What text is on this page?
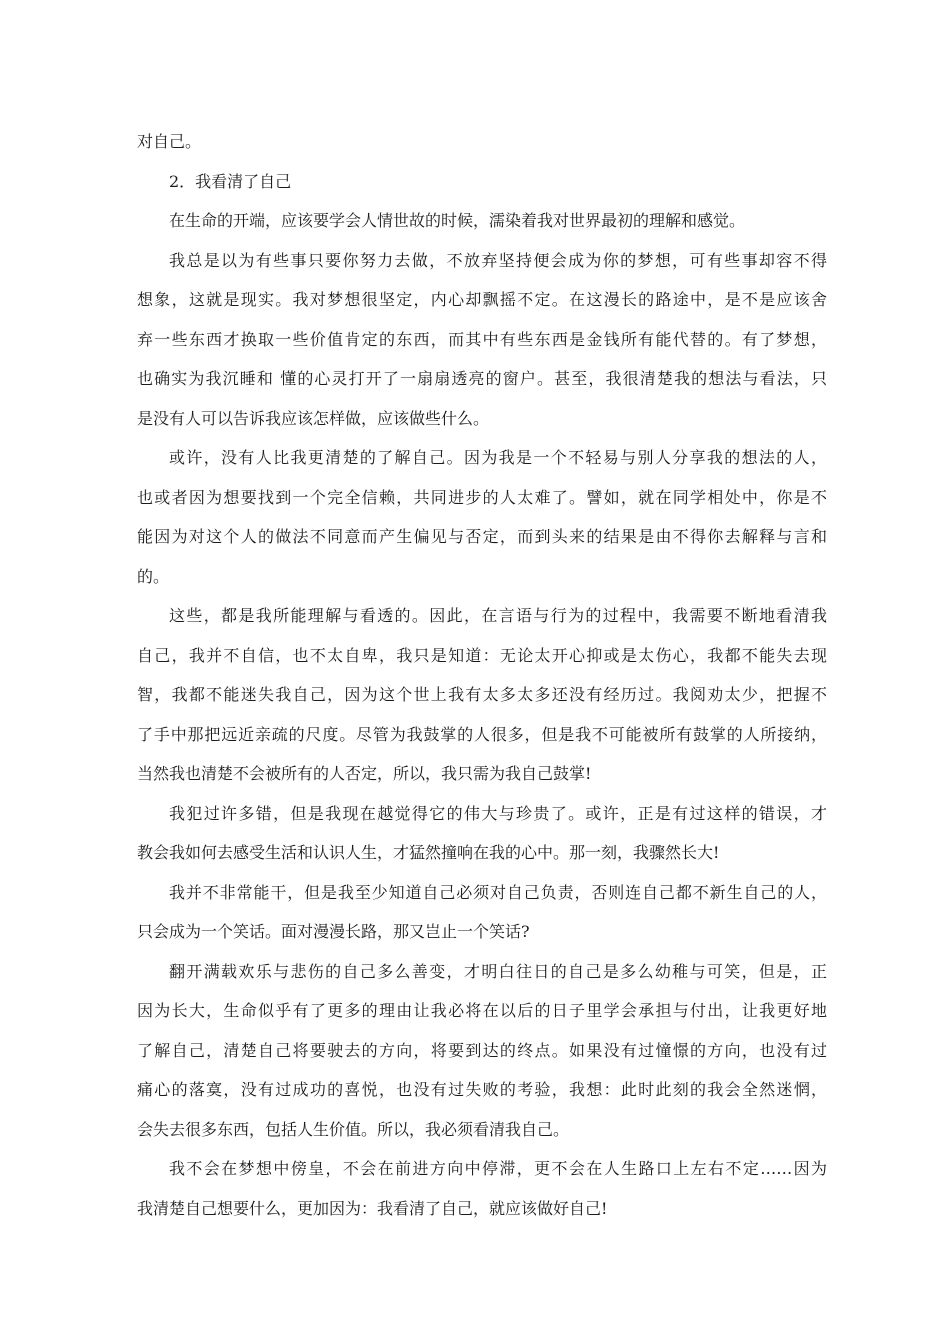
对自己。
2．我看清了自己
在生命的开端，应该要学会人情世故的时候，濡染着我对世界最初的理解和感觉。
我总是以为有些事只要你努力去做，不放弃坚持便会成为你的梦想，可有些事却容不得
想象，这就是现实。我对梦想很坚定，内心却飘摇不定。在这漫长的路途中，是不是应该舍
弃一些东西才换取一些价值肯定的东西，而其中有些东西是金钱所有能代替的。有了梦想，
也确实为我沉睡和 懂的心灵打开了一扇扇透亮的窗户。甚至，我很清楚我的想法与看法，只
是没有人可以告诉我应该怎样做，应该做些什么。
或许，没有人比我更清楚的了解自己。因为我是一个不轻易与别人分享我的想法的人，
也或者因为想要找到一个完全信赖，共同进步的人太难了。譬如，就在同学相处中，你是不
能因为对这个人的做法不同意而产生偏见与否定，而到头来的结果是由不得你去解释与言和
的。
这些，都是我所能理解与看透的。因此，在言语与行为的过程中，我需要不断地看清我
自己，我并不自信，也不太自卑，我只是知道：无论太开心抑或是太伤心，我都不能失去现
智，我都不能迷失我自己，因为这个世上我有太多太多还没有经历过。我阅劝太少，把握不
了手中那把远近亲疏的尺度。尽管为我鼓掌的人很多，但是我不可能被所有鼓掌的人所接纳，
当然我也清楚不会被所有的人否定，所以，我只需为我自己鼓掌!
我犯过许多错，但是我现在越觉得它的伟大与珍贵了。或许，正是有过这样的错误，才
教会我如何去感受生活和认识人生，才猛然撞响在我的心中。那一刻，我骤然长大!
我并不非常能干，但是我至少知道自己必须对自己负责，否则连自己都不新生自己的人，
只会成为一个笑话。面对漫漫长路，那又岂止一个笑话?
翻开满载欢乐与悲伤的自己多么善变，才明白往日的自己是多么幼稚与可笑，但是，正
因为长大，生命似乎有了更多的理由让我必将在以后的日子里学会承担与付出，让我更好地
了解自己，清楚自己将要驶去的方向，将要到达的终点。如果没有过憧憬的方向，也没有过
痛心的落寞，没有过成功的喜悦，也没有过失败的考验，我想：此时此刻的我会全然迷惘，
会失去很多东西，包括人生价值。所以，我必须看清我自己。
我不会在梦想中傍皇，不会在前进方向中停滞，更不会在人生路口上左右不定……因为
我清楚自己想要什么，更加因为：我看清了自己，就应该做好自己!
